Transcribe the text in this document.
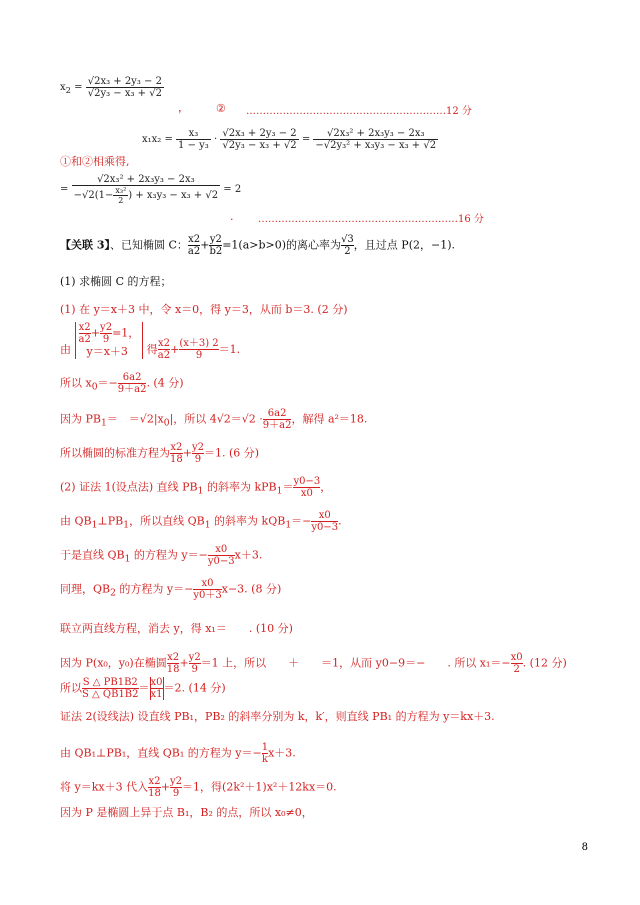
$x_2 = \frac{\text{√2x₃ + 2y₃ − 2}}{\text{√2y₃ − x₃ + √2}}$
， ② ……………………………………………………12 分
$x_1x_2 = \frac{\text{x₃}}{\text{1 − y₃}} \cdot \frac{\text{√2x₃ + 2y₃ − 2}}{\text{√2y₃ − x₃ + √2}} = \frac{\text{√2x₃² + 2x₃y₃ − 2x₃}}{\text{−√2y₃² + x₃y₃ − x₃ + √2}}$
①和②相乘得,
= $\frac{\text{√2x₃² + 2x₃y₃ − 2x₃}}{-√2(1- \frac{\text{x₃²}}{2} ) + x_3y_3 - x_3 + √2} = 2$
. ……………………………………………………16 分
【关联 3】、已知椭圆 C： $\frac{x2}{a2} + \frac{y2}{b2} =1(a>b>0)$的离心率为 $\frac{√3}{2}$ ，且过点 P(2，−1).
(1) 求椭圆 C 的方程；
(1) 在 y＝x＋3 中，令 x＝0，得 y＝3，从而 b＝3. (2 分)
由
$\frac{x2}{a2} + \frac{y2}{9} =1$，
y＝x＋3	得 $\frac{x2}{a2} + \frac{(x+3) 2}{9} =1$.
所以 $x_0=- \frac{6a2}{9+a2}$ . (4 分)
因为 $PB_1=$　$=√2|x_0|$，所以 $4√2=√2 \cdot \frac{6a2}{9+a2}$ ，解得 a²＝18.
所以椭圆的标准方程为 $\frac{x2}{18} + \frac{y2}{9} =1$. (6 分)
(2) 证法 1(设点法) 直线 $PB_1$ 的斜率为 $kPB_1= \frac{y0-3}{x0}$ ，
由 $QB_1\perp PB_1$，所以直线 $QB_1$ 的斜率为 $kQB_1=- \frac{x0}{y0-3}$ .
于是直线 $QB_1$ 的方程为 $y=- \frac{x0}{y0-3} x+3$.
同理，$QB_2$ 的方程为 $y=- \frac{x0}{y0+3} x-3$. (8 分)
联立两直线方程，消去 y，得 x₁＝　　. (10 分)
因为 P(x₀，y₀)在椭圆 $\frac{x2}{18} + \frac{y2}{9} =1$ 上，所以　　＋　　＝1，从而 y0−9＝−　　. 所以 $x_1=- \frac{x0}{2}$ . (12 分)
所以 $\frac{S \triangle PB1B2}{S \triangle QB1B2} = \frac{x0}{x1} =2$. (14 分)
证法 2(设线法) 设直线 PB₁，PB₂ 的斜率分别为 k，k′，则直线 PB₁ 的方程为 y＝kx＋3.
由 QB₁⊥PB₁，直线 QB₁ 的方程为 $y=- \frac{1}{k} x+3$.
将 y＝kx＋3 代入 $\frac{x2}{18} + \frac{y2}{9} =1$，得(2k²＋1)x²＋12kx＝0.
因为 P 是椭圆上异于点 B₁，B₂ 的点，所以 x₀≠0，
8
